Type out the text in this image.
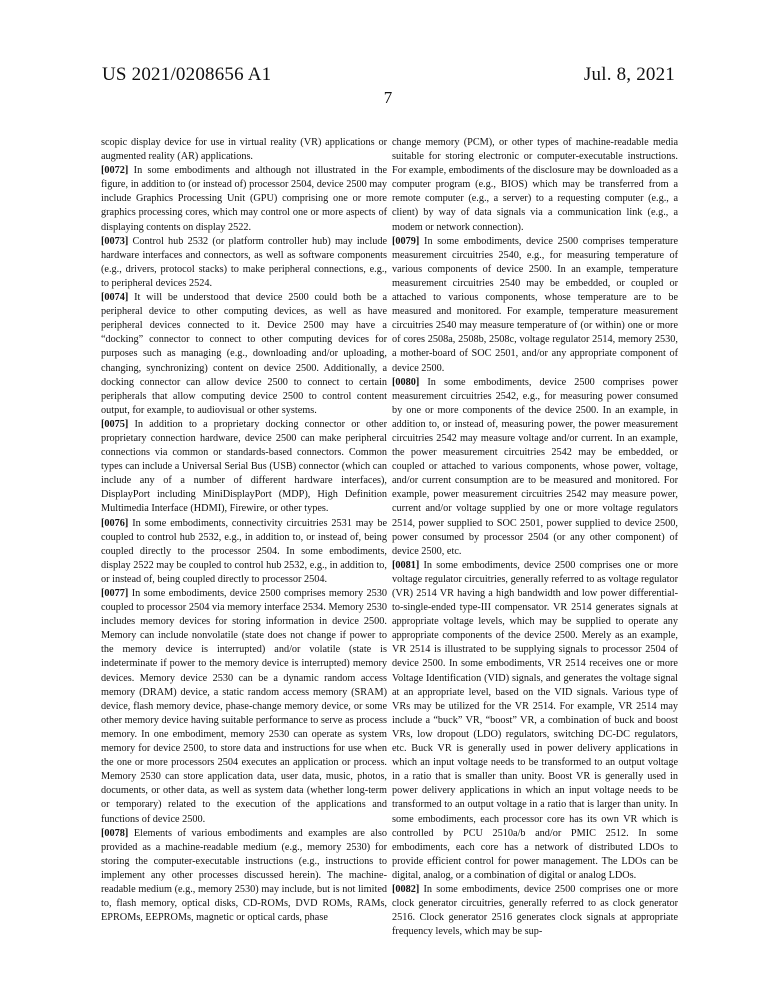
US 2021/0208656 A1	Jul. 8, 2021
7

scopic display device for use in virtual reality (VR) applications or augmented reality (AR) applications.

[0072] In some embodiments and although not illustrated in the figure, in addition to (or instead of) processor 2504, device 2500 may include Graphics Processing Unit (GPU) comprising one or more graphics processing cores, which may control one or more aspects of displaying contents on display 2522.

[0073] Control hub 2532 (or platform controller hub) may include hardware interfaces and connectors, as well as software components (e.g., drivers, protocol stacks) to make peripheral connections, e.g., to peripheral devices 2524.

[0074] It will be understood that device 2500 could both be a peripheral device to other computing devices, as well as have peripheral devices connected to it. Device 2500 may have a “docking” connector to connect to other computing devices for purposes such as managing (e.g., downloading and/or uploading, changing, synchronizing) content on device 2500. Additionally, a docking connector can allow device 2500 to connect to certain peripherals that allow computing device 2500 to control content output, for example, to audiovisual or other systems.

[0075] In addition to a proprietary docking connector or other proprietary connection hardware, device 2500 can make peripheral connections via common or standards-based connectors. Common types can include a Universal Serial Bus (USB) connector (which can include any of a number of different hardware interfaces), DisplayPort including MiniDisplayPort (MDP), High Definition Multimedia Interface (HDMI), Firewire, or other types.

[0076] In some embodiments, connectivity circuitries 2531 may be coupled to control hub 2532, e.g., in addition to, or instead of, being coupled directly to the processor 2504. In some embodiments, display 2522 may be coupled to control hub 2532, e.g., in addition to, or instead of, being coupled directly to processor 2504.

[0077] In some embodiments, device 2500 comprises memory 2530 coupled to processor 2504 via memory interface 2534. Memory 2530 includes memory devices for storing information in device 2500. Memory can include nonvolatile (state does not change if power to the memory device is interrupted) and/or volatile (state is indeterminate if power to the memory device is interrupted) memory devices. Memory device 2530 can be a dynamic random access memory (DRAM) device, a static random access memory (SRAM) device, flash memory device, phase-change memory device, or some other memory device having suitable performance to serve as process memory. In one embodiment, memory 2530 can operate as system memory for device 2500, to store data and instructions for use when the one or more processors 2504 executes an application or process. Memory 2530 can store application data, user data, music, photos, documents, or other data, as well as system data (whether long-term or temporary) related to the execution of the applications and functions of device 2500.

[0078] Elements of various embodiments and examples are also provided as a machine-readable medium (e.g., memory 2530) for storing the computer-executable instructions (e.g., instructions to implement any other processes discussed herein). The machine-readable medium (e.g., memory 2530) may include, but is not limited to, flash memory, optical disks, CD-ROMs, DVD ROMs, RAMs, EPROMs, EEPROMs, magnetic or optical cards, phase

change memory (PCM), or other types of machine-readable media suitable for storing electronic or computer-executable instructions. For example, embodiments of the disclosure may be downloaded as a computer program (e.g., BIOS) which may be transferred from a remote computer (e.g., a server) to a requesting computer (e.g., a client) by way of data signals via a communication link (e.g., a modem or network connection).

[0079] In some embodiments, device 2500 comprises temperature measurement circuitries 2540, e.g., for measuring temperature of various components of device 2500. In an example, temperature measurement circuitries 2540 may be embedded, or coupled or attached to various components, whose temperature are to be measured and monitored. For example, temperature measurement circuitries 2540 may measure temperature of (or within) one or more of cores 2508a, 2508b, 2508c, voltage regulator 2514, memory 2530, a mother-board of SOC 2501, and/or any appropriate component of device 2500.

[0080] In some embodiments, device 2500 comprises power measurement circuitries 2542, e.g., for measuring power consumed by one or more components of the device 2500. In an example, in addition to, or instead of, measuring power, the power measurement circuitries 2542 may measure voltage and/or current. In an example, the power measurement circuitries 2542 may be embedded, or coupled or attached to various components, whose power, voltage, and/or current consumption are to be measured and monitored. For example, power measurement circuitries 2542 may measure power, current and/or voltage supplied by one or more voltage regulators 2514, power supplied to SOC 2501, power supplied to device 2500, power consumed by processor 2504 (or any other component) of device 2500, etc.

[0081] In some embodiments, device 2500 comprises one or more voltage regulator circuitries, generally referred to as voltage regulator (VR) 2514 VR having a high bandwidth and low power differential-to-single-ended type-III compensator. VR 2514 generates signals at appropriate voltage levels, which may be supplied to operate any appropriate components of the device 2500. Merely as an example, VR 2514 is illustrated to be supplying signals to processor 2504 of device 2500. In some embodiments, VR 2514 receives one or more Voltage Identification (VID) signals, and generates the voltage signal at an appropriate level, based on the VID signals. Various type of VRs may be utilized for the VR 2514. For example, VR 2514 may include a “buck” VR, “boost” VR, a combination of buck and boost VRs, low dropout (LDO) regulators, switching DC-DC regulators, etc. Buck VR is generally used in power delivery applications in which an input voltage needs to be transformed to an output voltage in a ratio that is smaller than unity. Boost VR is generally used in power delivery applications in which an input voltage needs to be transformed to an output voltage in a ratio that is larger than unity. In some embodiments, each processor core has its own VR which is controlled by PCU 2510a/b and/or PMIC 2512. In some embodiments, each core has a network of distributed LDOs to provide efficient control for power management. The LDOs can be digital, analog, or a combination of digital or analog LDOs.

[0082] In some embodiments, device 2500 comprises one or more clock generator circuitries, generally referred to as clock generator 2516. Clock generator 2516 generates clock signals at appropriate frequency levels, which may be sup-
